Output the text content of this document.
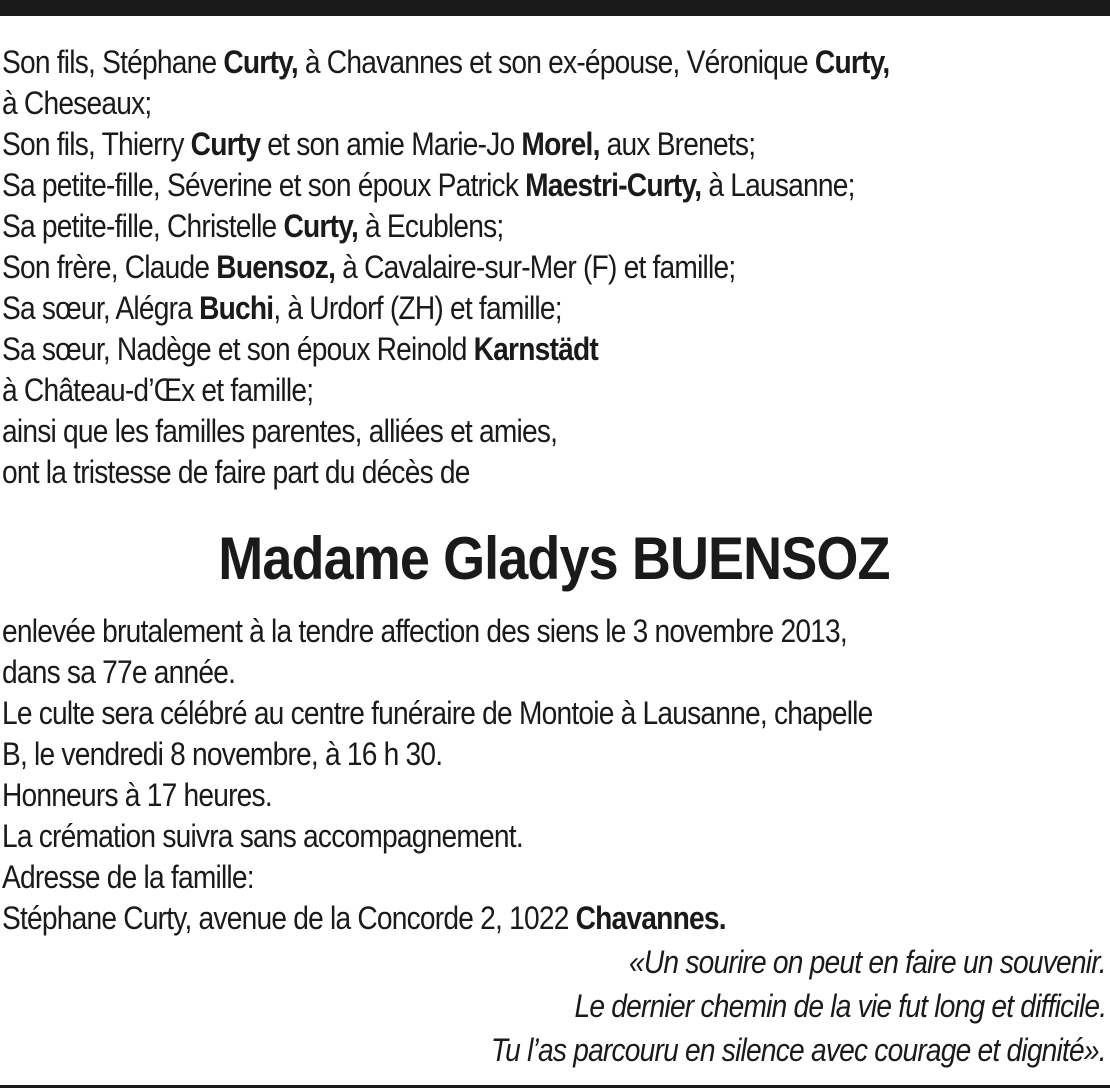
Son fils, Stéphane Curty, à Chavannes et son ex-épouse, Véronique Curty,
à Cheseaux;
Son fils, Thierry Curty et son amie Marie-Jo Morel, aux Brenets;
Sa petite-fille, Séverine et son époux Patrick Maestri-Curty, à Lausanne;
Sa petite-fille, Christelle Curty, à Ecublens;
Son frère, Claude Buensoz, à Cavalaire-sur-Mer (F) et famille;
Sa sœur, Alégra Buchi, à Urdorf (ZH) et famille;
Sa sœur, Nadège et son époux Reinold Karnstädt
à Château-d’Œx et famille;
ainsi que les familles parentes, alliées et amies,
ont la tristesse de faire part du décès de
Madame Gladys BUENSOZ
enlevée brutalement à la tendre affection des siens le 3 novembre 2013,
dans sa 77e année.
Le culte sera célébré au centre funéraire de Montoie à Lausanne, chapelle
B, le vendredi 8 novembre, à 16 h 30.
Honneurs à 17 heures.
La crémation suivra sans accompagnement.
Adresse de la famille:
Stéphane Curty, avenue de la Concorde 2, 1022 Chavannes.
«Un sourire on peut en faire un souvenir.
Le dernier chemin de la vie fut long et difficile.
Tu l’as parcouru en silence avec courage et dignité».
